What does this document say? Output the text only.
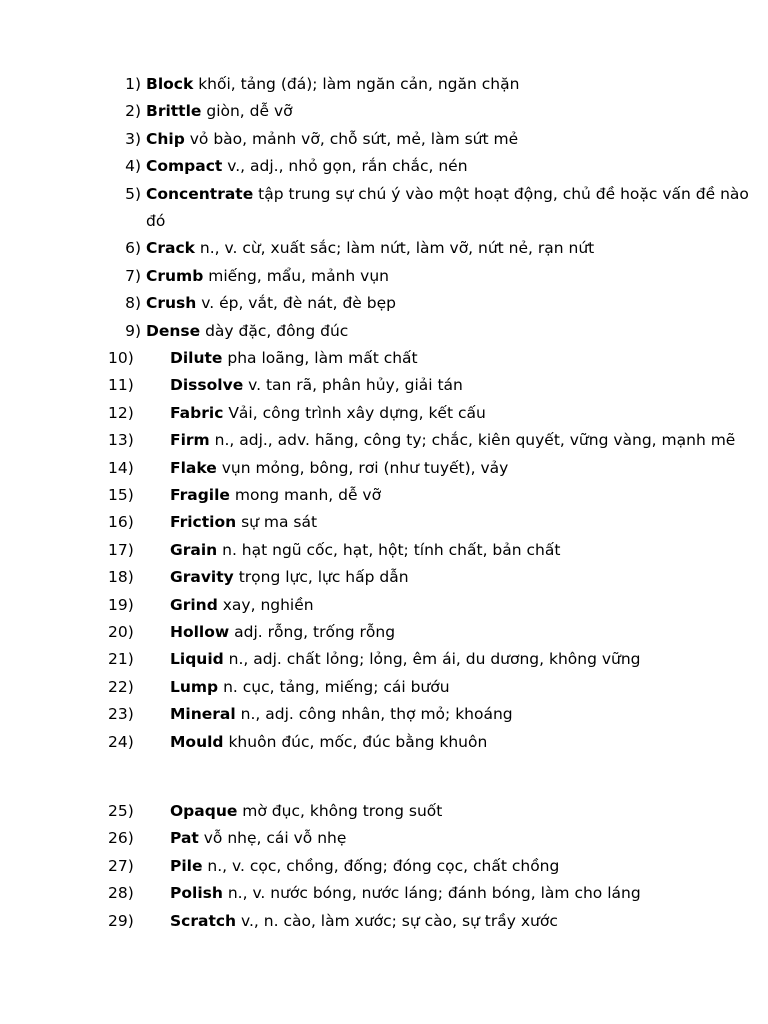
1) Block khối, tảng (đá); làm ngăn cản, ngăn chặn
2) Brittle giòn, dễ vỡ
3) Chip vỏ bào, mảnh vỡ, chỗ sứt, mẻ, làm sứt mẻ
4) Compact v., adj., nhỏ gọn, rắn chắc, nén
5) Concentrate tập trung sự chú ý vào một hoạt động, chủ đề hoặc vấn đề nào
đó
6) Crack n., v. cừ, xuất sắc; làm nứt, làm vỡ, nứt nẻ, rạn nứt
7) Crumb miếng, mẩu, mảnh vụn
8) Crush v. ép, vắt, đè nát, đè bẹp
9) Dense dày đặc, đông đúc
10)	Dilute pha loãng, làm mất chất
11)	Dissolve v. tan rã, phân hủy, giải tán
12)	Fabric Vải, công trình xây dựng, kết cấu
13)	Firm n., adj., adv. hãng, công ty; chắc, kiên quyết, vững vàng, mạnh mẽ
14)	Flake vụn mỏng, bông, rơi (như tuyết), vảy
15)	Fragile mong manh, dễ vỡ
16)	Friction sự ma sát
17)	Grain n. hạt ngũ cốc, hạt, hột; tính chất, bản chất
18)	Gravity trọng lực, lực hấp dẫn
19)	Grind xay, nghiền
20)	Hollow adj. rỗng, trống rỗng
21)	Liquid n., adj. chất lỏng; lỏng, êm ái, du dương, không vững
22)	Lump n. cục, tảng, miếng; cái bướu
23)	Mineral n., adj. công nhân, thợ mỏ; khoáng
24)	Mould khuôn đúc, mốc, đúc bằng khuôn
25)	Opaque mờ đục, không trong suốt
26)	Pat vỗ nhẹ, cái vỗ nhẹ
27)	Pile n., v. cọc, chồng, đống; đóng cọc, chất chồng
28)	Polish n., v. nước bóng, nước láng; đánh bóng, làm cho láng
29)	Scratch v., n. cào, làm xước; sự cào, sự trầy xước
